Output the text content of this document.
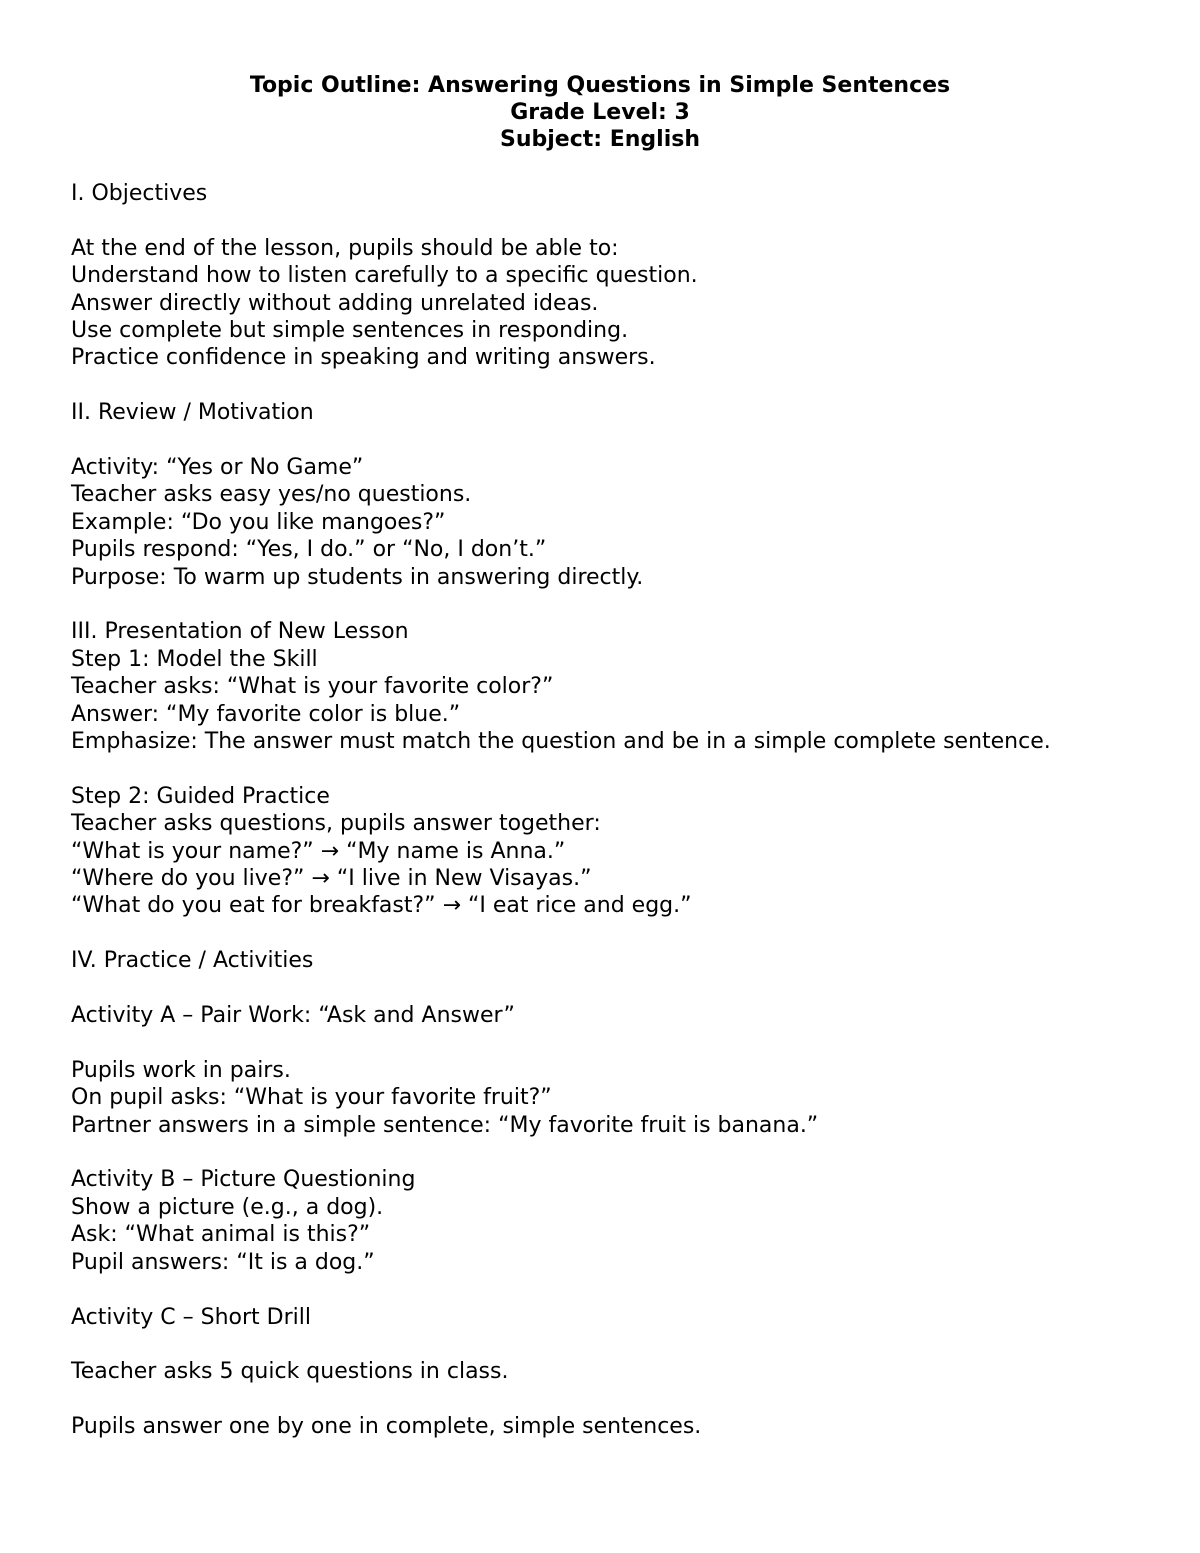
Topic Outline: Answering Questions in Simple Sentences
Grade Level: 3
Subject: English
I. Objectives
At the end of the lesson, pupils should be able to:
Understand how to listen carefully to a specific question.
Answer directly without adding unrelated ideas.
Use complete but simple sentences in responding.
Practice confidence in speaking and writing answers.
II. Review / Motivation
Activity: “Yes or No Game”
Teacher asks easy yes/no questions.
Example: “Do you like mangoes?”
Pupils respond: “Yes, I do.” or “No, I don’t.”
Purpose: To warm up students in answering directly.
III. Presentation of New Lesson
Step 1: Model the Skill
Teacher asks: “What is your favorite color?”
Answer: “My favorite color is blue.”
Emphasize: The answer must match the question and be in a simple complete sentence.
Step 2: Guided Practice
Teacher asks questions, pupils answer together:
“What is your name?” → “My name is Anna.”
“Where do you live?” → “I live in New Visayas.”
“What do you eat for breakfast?” → “I eat rice and egg.”
IV. Practice / Activities
Activity A – Pair Work: “Ask and Answer”
Pupils work in pairs.
On pupil asks: “What is your favorite fruit?”
Partner answers in a simple sentence: “My favorite fruit is banana.”
Activity B – Picture Questioning
Show a picture (e.g., a dog).
Ask: “What animal is this?”
Pupil answers: “It is a dog.”
Activity C – Short Drill
Teacher asks 5 quick questions in class.
Pupils answer one by one in complete, simple sentences.
